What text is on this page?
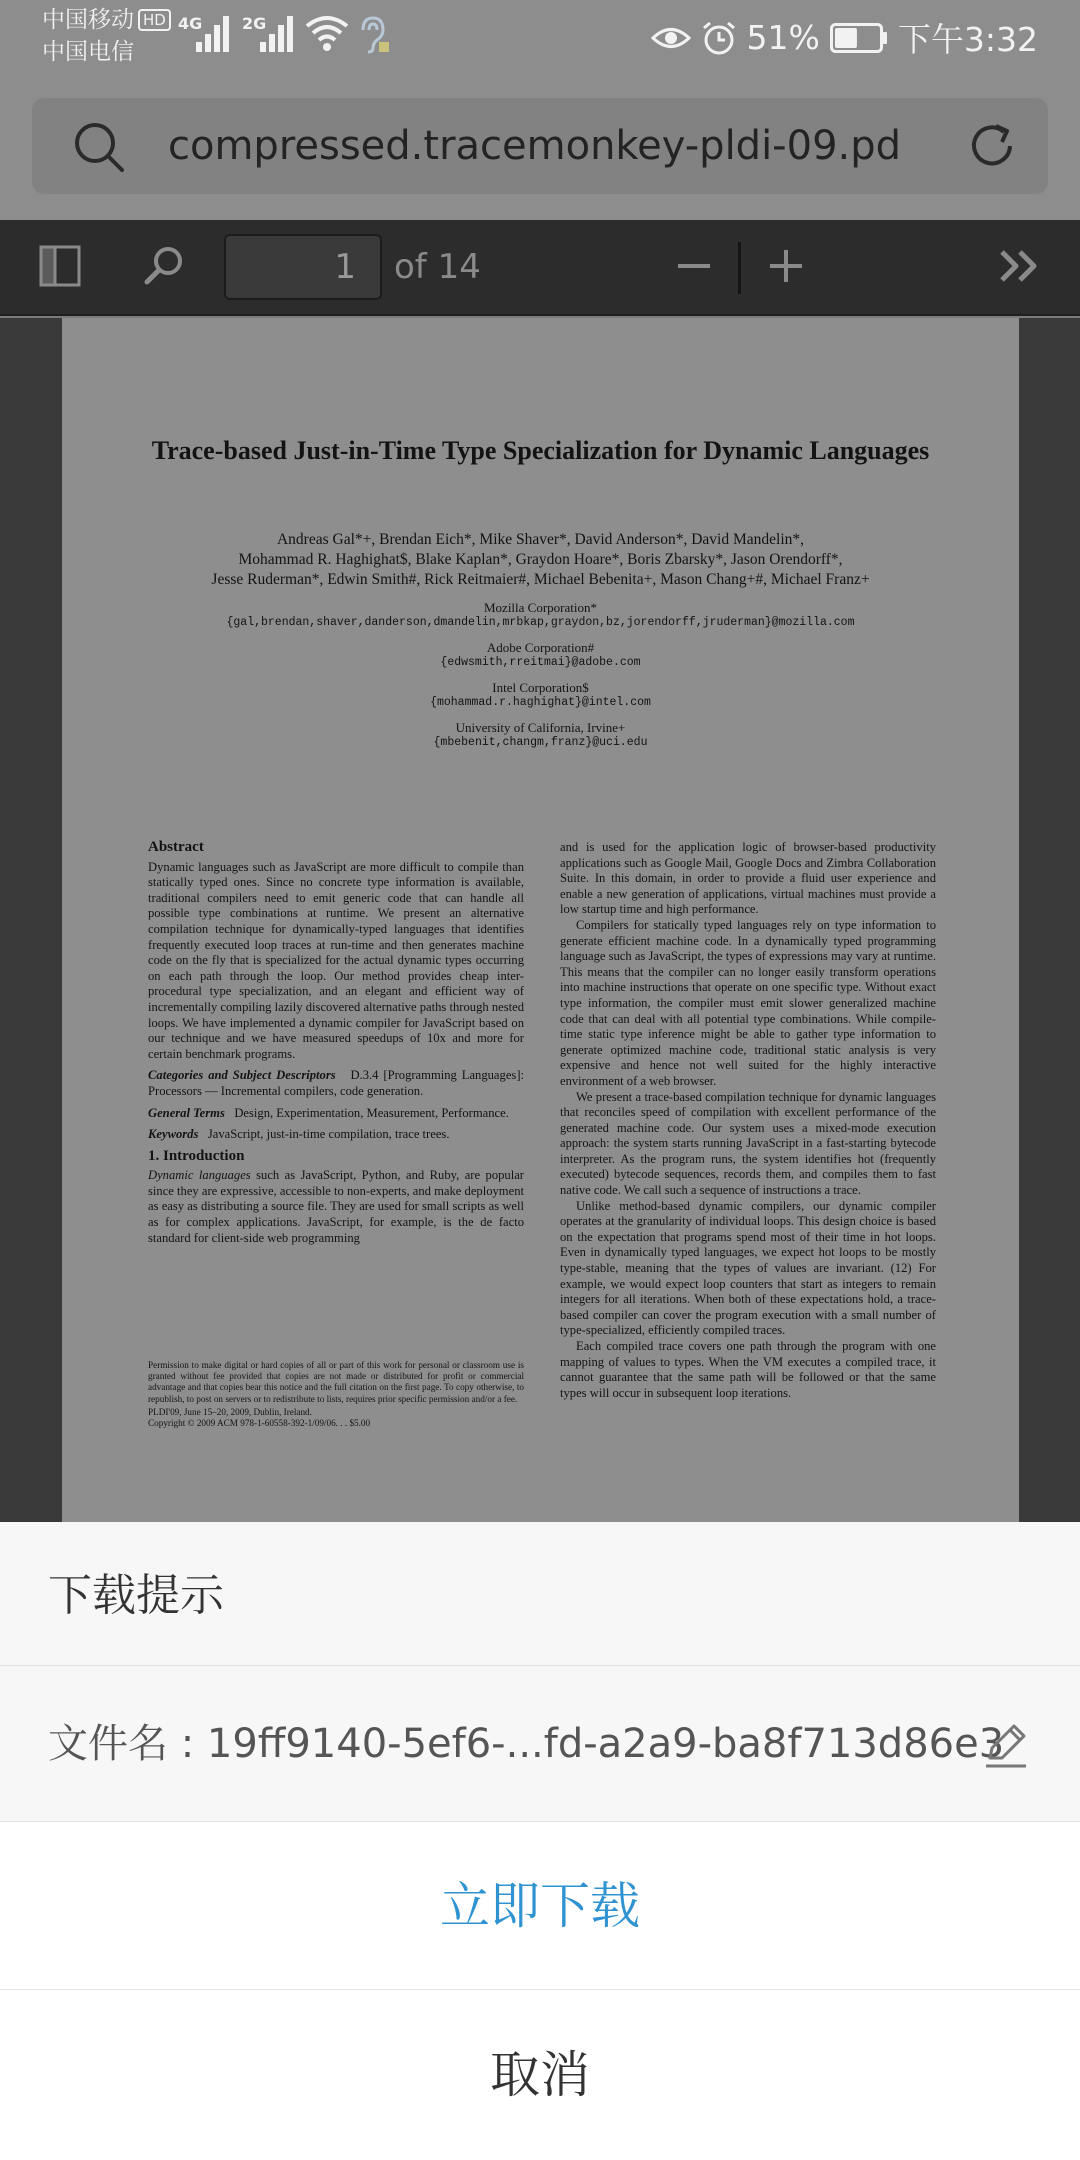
中国移动 HD
中国电信
4G 2G	51% 下午3:32
compressed.tracemonkey-pldi-09.pd
1	of 14
Trace-based Just-in-Time Type Specialization for Dynamic Languages
Andreas Gal*+, Brendan Eich*, Mike Shaver*, David Anderson*, David Mandelin*,
Mohammad R. Haghighat$, Blake Kaplan*, Graydon Hoare*, Boris Zbarsky*, Jason Orendorff*,
Jesse Ruderman*, Edwin Smith#, Rick Reitmaier#, Michael Bebenita+, Mason Chang+#, Michael Franz+
Mozilla Corporation*
{gal,brendan,shaver,danderson,dmandelin,mrbkap,graydon,bz,jorendorff,jruderman}@mozilla.com
Adobe Corporation#
{edwsmith,rreitmai}@adobe.com
Intel Corporation$
{mohammad.r.haghighat}@intel.com
University of California, Irvine+
{mbebenit,changm,franz}@uci.edu
Abstract

Dynamic languages such as JavaScript are more difficult to compile than statically typed ones. Since no concrete type information is available, traditional compilers need to emit generic code that can handle all possible type combinations at runtime. We present an alternative compilation technique for dynamically-typed languages that identifies frequently executed loop traces at run-time and then generates machine code on the fly that is specialized for the actual dynamic types occurring on each path through the loop. Our method provides cheap inter-procedural type specialization, and an elegant and efficient way of incrementally compiling lazily discovered alternative paths through nested loops. We have implemented a dynamic compiler for JavaScript based on our technique and we have measured speedups of 10x and more for certain benchmark programs.

Categories and Subject Descriptors D.3.4 [Programming Languages]: Processors — Incremental compilers, code generation.

General Terms Design, Experimentation, Measurement, Performance.

Keywords JavaScript, just-in-time compilation, trace trees.

1. Introduction

Dynamic languages such as JavaScript, Python, and Ruby, are popular since they are expressive, accessible to non-experts, and make deployment as easy as distributing a source file. They are used for small scripts as well as for complex applications. JavaScript, for example, is the de facto standard for client-side web programming

Permission to make digital or hard copies of all or part of this work for personal or classroom use is granted without fee provided that copies are not made or distributed for profit or commercial advantage and that copies bear this notice and the full citation on the first page. To copy otherwise, to republish, to post on servers or to redistribute to lists, requires prior specific permission and/or a fee.
PLDI'09, June 15–20, 2009, Dublin, Ireland.
Copyright © 2009 ACM 978-1-60558-392-1/09/06. . . $5.00

and is used for the application logic of browser-based productivity applications such as Google Mail, Google Docs and Zimbra Collaboration Suite. In this domain, in order to provide a fluid user experience and enable a new generation of applications, virtual machines must provide a low startup time and high performance.

Compilers for statically typed languages rely on type information to generate efficient machine code. In a dynamically typed programming language such as JavaScript, the types of expressions may vary at runtime. This means that the compiler can no longer easily transform operations into machine instructions that operate on one specific type. Without exact type information, the compiler must emit slower generalized machine code that can deal with all potential type combinations. While compile-time static type inference might be able to gather type information to generate optimized machine code, traditional static analysis is very expensive and hence not well suited for the highly interactive environment of a web browser.

We present a trace-based compilation technique for dynamic languages that reconciles speed of compilation with excellent performance of the generated machine code. Our system uses a mixed-mode execution approach: the system starts running JavaScript in a fast-starting bytecode interpreter. As the program runs, the system identifies hot (frequently executed) bytecode sequences, records them, and compiles them to fast native code. We call such a sequence of instructions a trace.

Unlike method-based dynamic compilers, our dynamic compiler operates at the granularity of individual loops. This design choice is based on the expectation that programs spend most of their time in hot loops. Even in dynamically typed languages, we expect hot loops to be mostly type-stable, meaning that the types of values are invariant. (12) For example, we would expect loop counters that start as integers to remain integers for all iterations. When both of these expectations hold, a trace-based compiler can cover the program execution with a small number of type-specialized, efficiently compiled traces.

Each compiled trace covers one path through the program with one mapping of values to types. When the VM executes a compiled trace, it cannot guarantee that the same path will be followed or that the same types will occur in subsequent loop iterations.

下载提示
文件名 : 19ff9140-5ef6-...fd-a2a9-ba8f713d86e3
立即下载
取消
